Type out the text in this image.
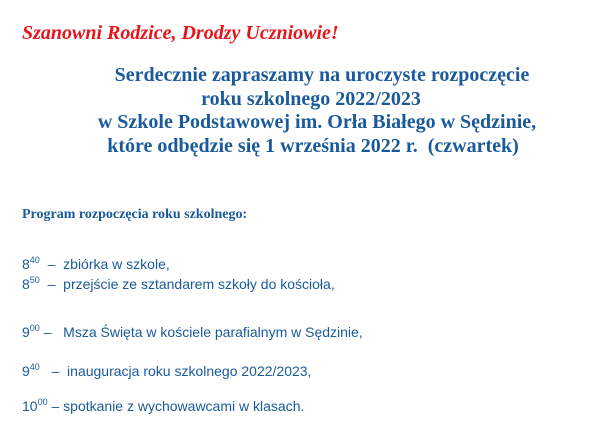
Szanowni Rodzice, Drodzy Uczniowie!
Serdecznie zapraszamy na uroczyste rozpoczęcie
roku szkolnego 2022/2023
w Szkole Podstawowej im. Orła Białego w Sędzinie,
które odbędzie się 1 września 2022 r.  (czwartek)
Program rozpoczęcia roku szkolnego:
$8^{40}$  –  zbiórka w szkole,
$8^{50}$  –  przejście ze sztandarem szkoły do kościoła,
$9^{00}$ –   Msza Święta w kościele parafialnym w Sędzinie,
$9^{40}$   –  inauguracja roku szkolnego 2022/2023,
$10^{00}$ – spotkanie z wychowawcami w klasach.
